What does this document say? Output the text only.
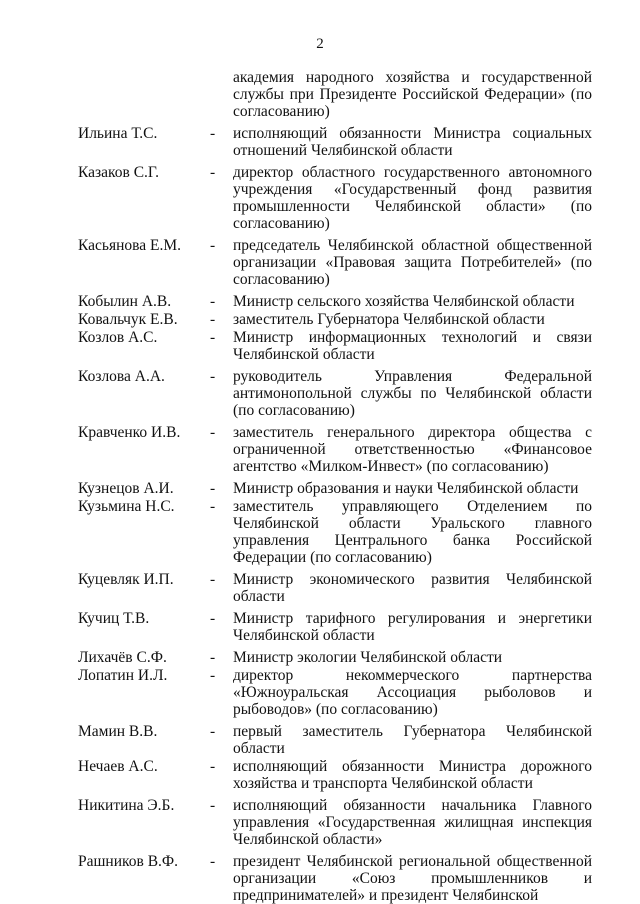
2
академия народного хозяйства и государственной службы при Президенте Российской Федерации» (по согласованию)
Ильина Т.С.	- исполняющий обязанности Министра социальных отношений Челябинской области
Казаков С.Г.	- директор областного государственного автономного учреждения «Государственный фонд развития промышленности Челябинской области» (по согласованию)
Касьянова Е.М. - председатель Челябинской областной общественной организации «Правовая защита Потребителей» (по согласованию)
Кобылин А.В.	- Министр сельского хозяйства Челябинской области
Ковальчук Е.В. - заместитель Губернатора Челябинской области
Козлов А.С.	- Министр информационных технологий и связи Челябинской области
Козлова А.А.	- руководитель Управления Федеральной антимонопольной службы по Челябинской области (по согласованию)
Кравченко И.В. - заместитель генерального директора общества с ограниченной ответственностью «Финансовое агентство «Милком-Инвест» (по согласованию)
Кузнецов А.И. - Министр образования и науки Челябинской области
Кузьмина Н.С. - заместитель управляющего Отделением по Челябинской области Уральского главного управления Центрального банка Российской Федерации (по согласованию)
Куцевляк И.П. - Министр экономического развития Челябинской области
Кучиц Т.В.	- Министр тарифного регулирования и энергетики Челябинской области
Лихачёв С.Ф.	- Министр экологии Челябинской области
Лопатин И.Л.	- директор некоммерческого партнерства «Южноуральская Ассоциация рыболовов и рыбоводов» (по согласованию)
Мамин В.В.	- первый заместитель Губернатора Челябинской области
Нечаев А.С.	- исполняющий обязанности Министра дорожного хозяйства и транспорта Челябинской области
Никитина Э.Б. - исполняющий обязанности начальника Главного управления «Государственная жилищная инспекция Челябинской области»
Рашников В.Ф. - президент Челябинской региональной общественной организации «Союз промышленников и предпринимателей» и президент Челябинской
